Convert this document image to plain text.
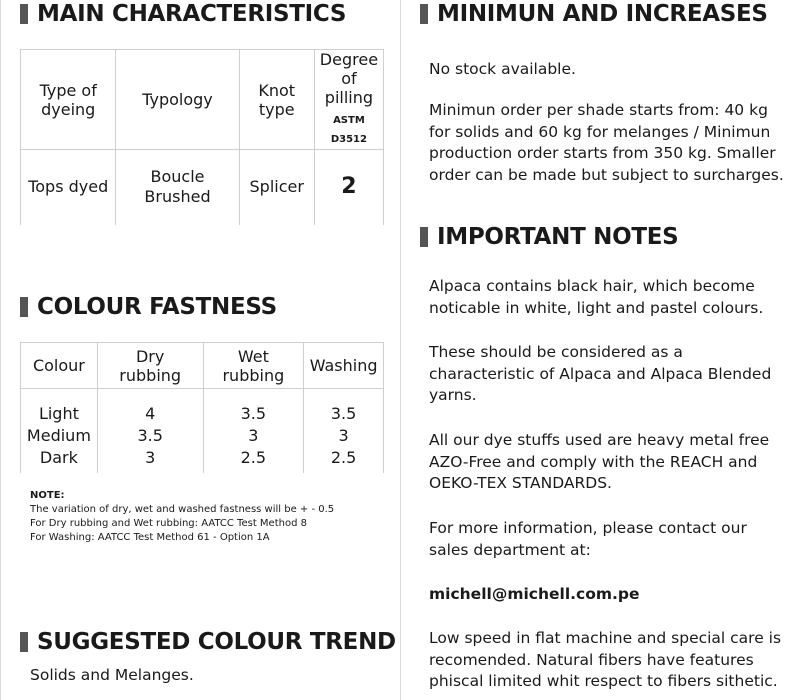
MAIN CHARACTERISTICS
Type of dyeing	Typology	Knot type	Degree of pilling
ASTM D3512

Tops dyed	Boucle Brushed	Splicer	2
COLOUR FASTNESS
Colour	Dry rubbing	Wet rubbing	Washing

Light	4	3.5	3.5
Medium	3.5	3	3
Dark	3	2.5	2.5

NOTE:
The variation of dry, wet and washed fastness will be + - 0.5
For Dry rubbing and Wet rubbing: AATCC Test Method 8
For Washing: AATCC Test Method 61 - Option 1A
SUGGESTED COLOUR TREND

Solids and Melanges.

MINIMUN AND INCREASES

No stock available.

Minimun order per shade starts from: 40 kg for solids and 60 kg for melanges / Minimun production order starts from 350 kg. Smaller order can be made but subject to surcharges.

IMPORTANT NOTES

Alpaca contains black hair, which become noticable in white, light and pastel colours.

These should be considered as a characteristic of Alpaca and Alpaca Blended yarns.

All our dye stuffs used are heavy metal free AZO-Free and comply with the REACH and OEKO-TEX STANDARDS.

For more information, please contact our sales department at:

michell@michell.com.pe

Low speed in flat machine and special care is recomended. Natural fibers have features phiscal limited whit respect to fibers sithetic.
